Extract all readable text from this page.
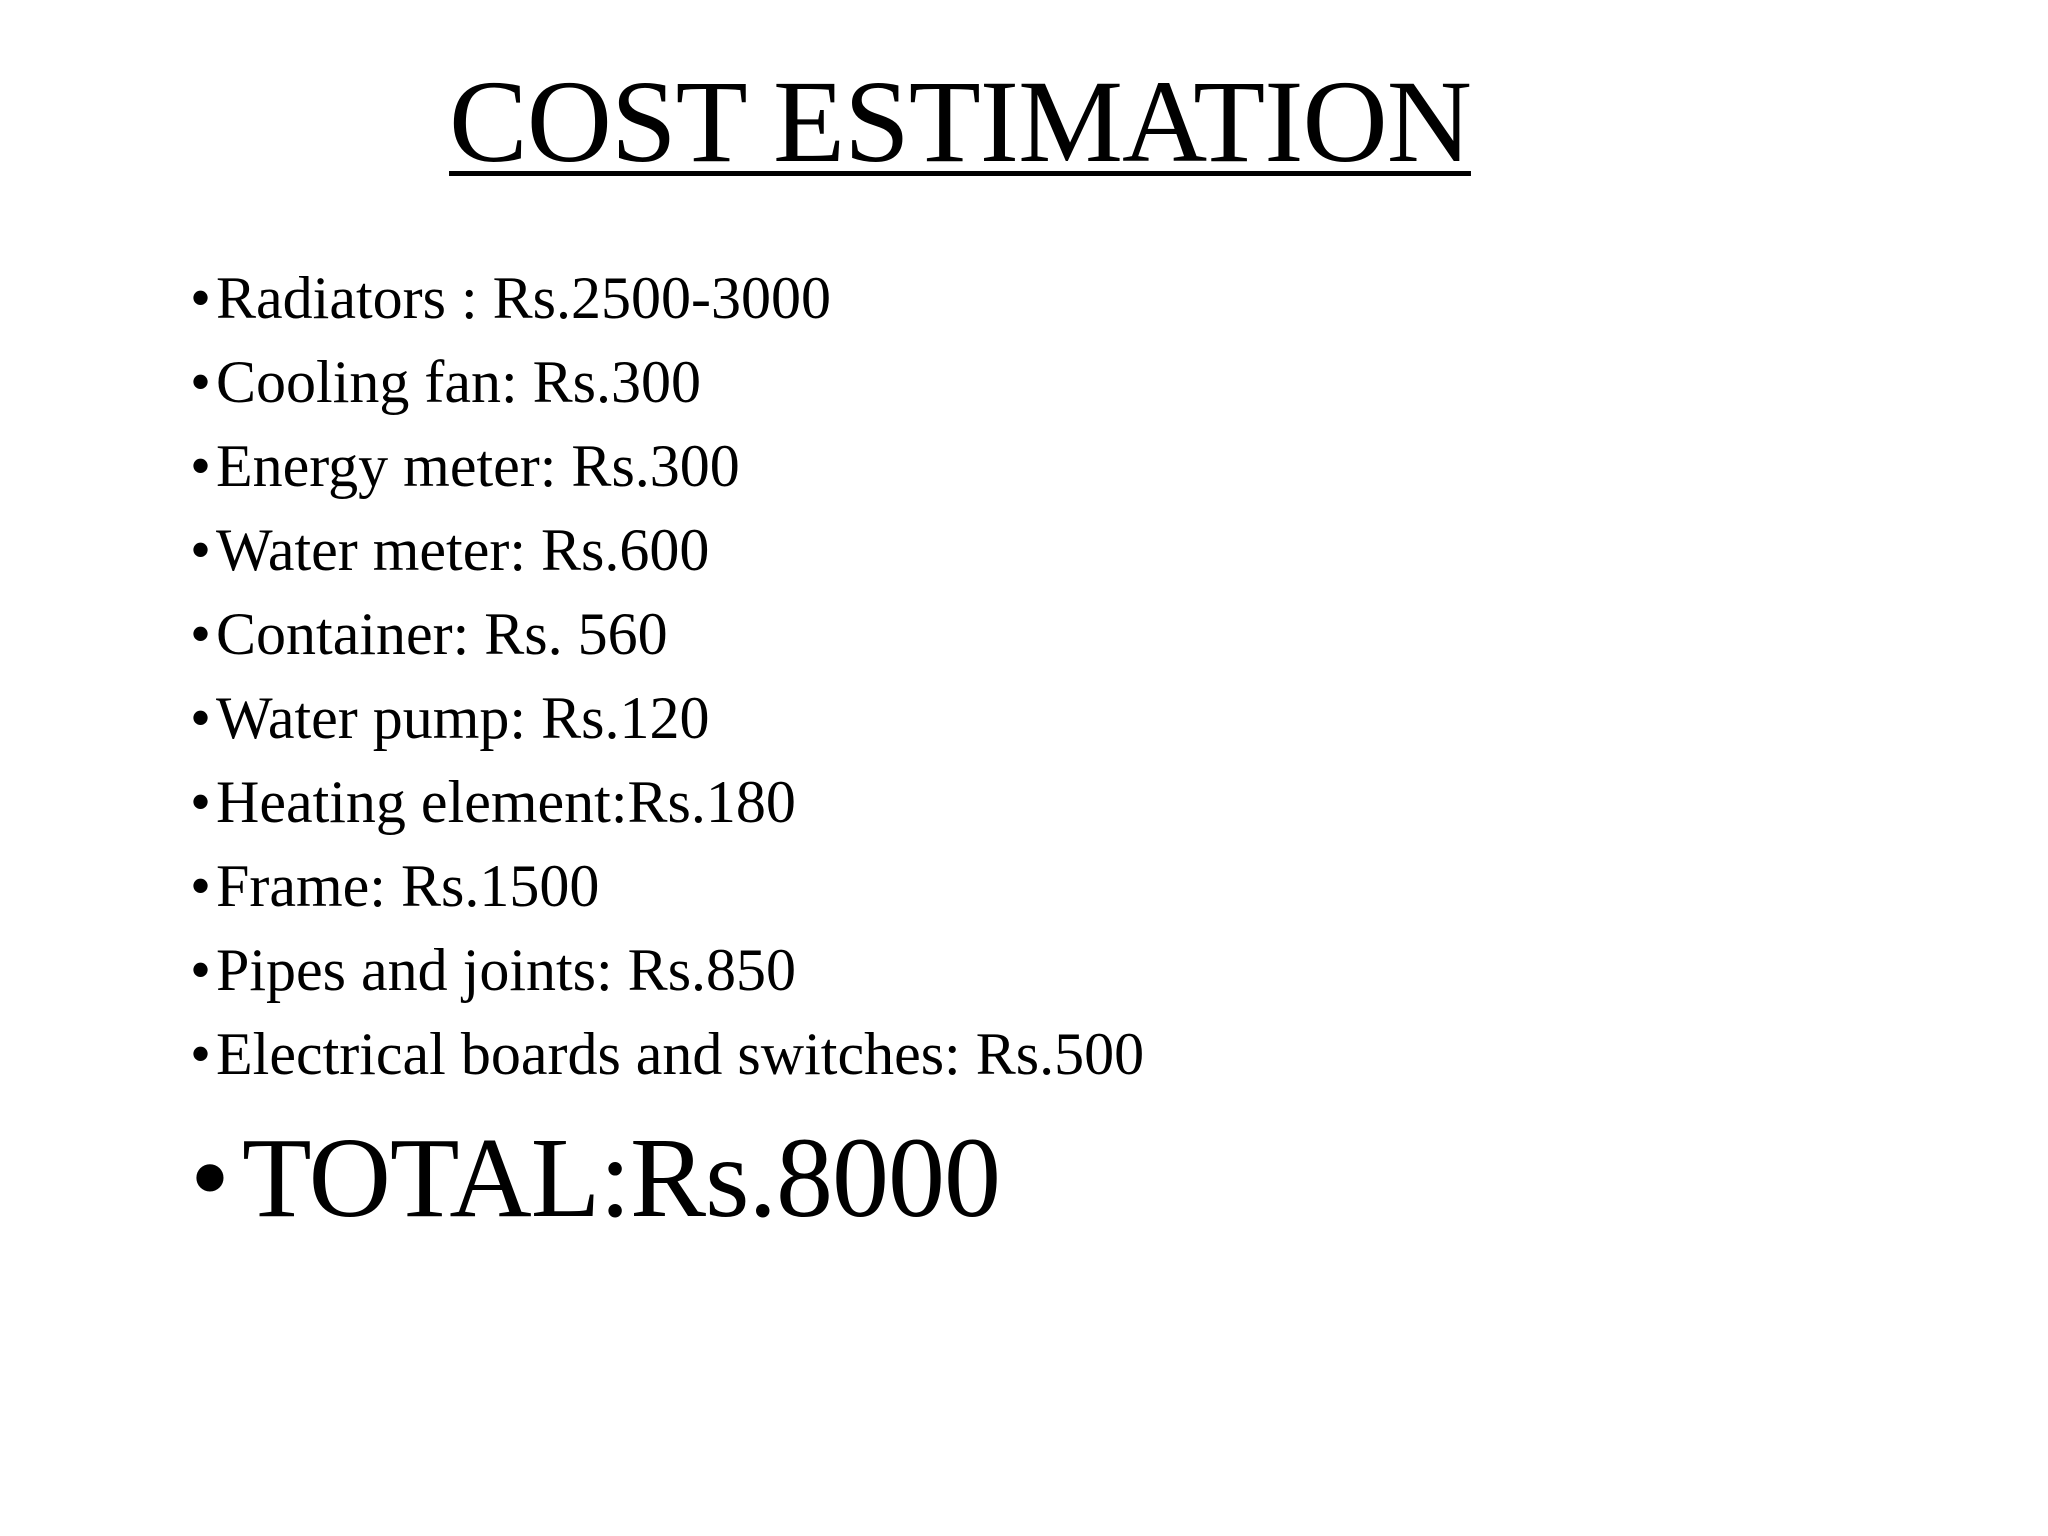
COST ESTIMATION
• Radiators : Rs.2500-3000
• Cooling fan: Rs.300
• Energy meter: Rs.300
• Water meter: Rs.600
• Container: Rs. 560
• Water pump: Rs.120
• Heating element:Rs.180
• Frame: Rs.1500
• Pipes and joints: Rs.850
• Electrical boards and switches: Rs.500
• TOTAL:Rs.8000
